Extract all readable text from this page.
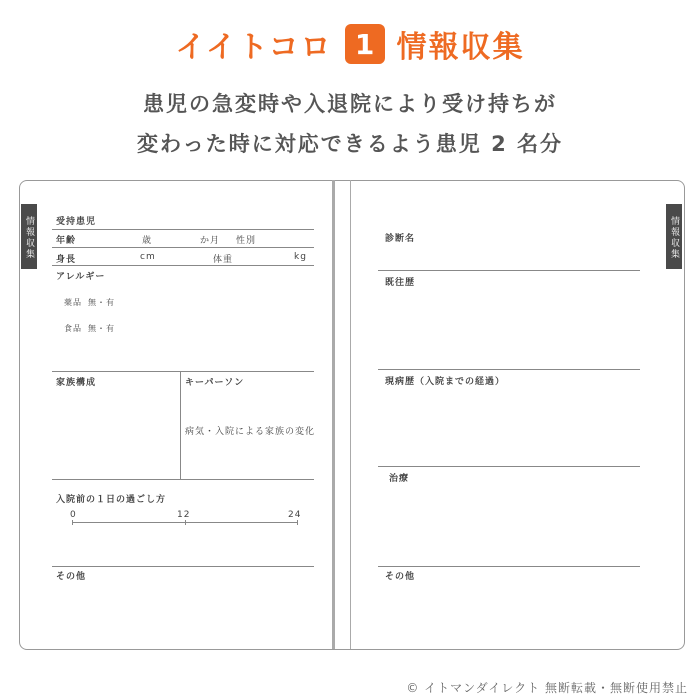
イイトコロ 1 情報収集
患児の急変時や入退院により受け持ちが
変わった時に対応できるよう患児 2 名分
情報収集	情報収集
受持患児
年齢	歳	か月 性別
身長	cm	体重	kg
アレルギー
薬品 無・有
食品 無・有
家族構成	キーパーソン
病気・入院による家族の変化
入院前の１日の過ごし方
0	12	24
その他
診断名
既往歴
現病歴（入院までの経過）
治療
その他
© イトマンダイレクト 無断転載・無断使用禁止
